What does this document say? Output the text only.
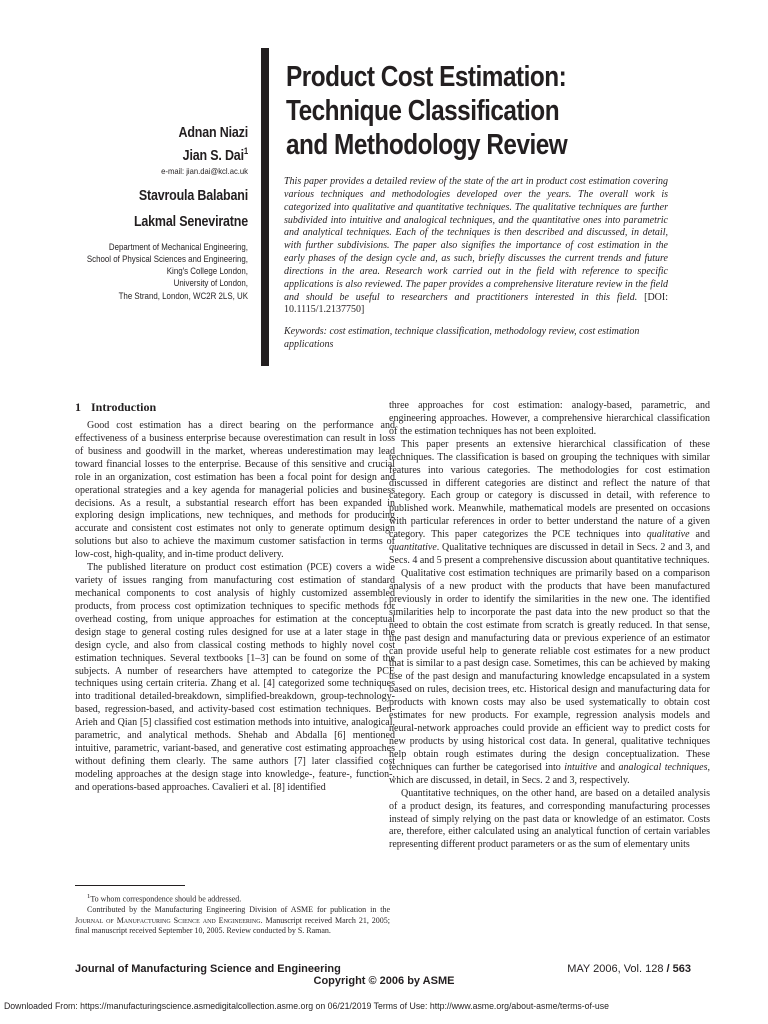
Adnan Niazi
Jian S. Dai$^1$
e-mail: jian.dai@kcl.ac.uk
Stavroula Balabani
Lakmal Seneviratne
Department of Mechanical Engineering,
School of Physical Sciences and Engineering,
King's College London,
University of London,
The Strand, London, WC2R 2LS, UK
Product Cost Estimation:
Technique Classification
and Methodology Review
This paper provides a detailed review of the state of the art in product cost estimation covering various techniques and methodologies developed over the years. The overall work is categorized into qualitative and quantitative techniques. The qualitative techniques are further subdivided into intuitive and analogical techniques, and the quantitative ones into parametric and analytical techniques. Each of the techniques is then described and discussed, in detail, with further subdivisions. The paper also signifies the importance of cost estimation in the early phases of the design cycle and, as such, briefly discusses the current trends and future directions in the area. Research work carried out in the field with reference to specific applications is also reviewed. The paper provides a comprehensive literature review in the field and should be useful to researchers and practitioners interested in this field. [DOI: 10.1115/1.2137750]
Keywords: cost estimation, technique classification, methodology review, cost estimation applications
1 Introduction

Good cost estimation has a direct bearing on the performance and effectiveness of a business enterprise because overestimation can result in loss of business and goodwill in the market, whereas underestimation may lead toward financial losses to the enterprise. Because of this sensitive and crucial role in an organization, cost estimation has been a focal point for design and operational strategies and a key agenda for managerial policies and business decisions. As a result, a substantial research effort has been expanded in exploring design implications, new techniques, and methods for producing accurate and consistent cost estimates not only to generate optimum design solutions but also to achieve the maximum customer satisfaction in terms of low-cost, high-quality, and in-time product delivery.

The published literature on product cost estimation (PCE) covers a wide variety of issues ranging from manufacturing cost estimation of standard mechanical components to cost analysis of highly customized assembled products, from process cost optimization techniques to specific methods for overhead costing, from unique approaches for estimation at the conceptual design stage to general costing rules designed for use at a later stage in the design cycle, and also from classical costing methods to highly novel cost estimation techniques. Several textbooks [1–3] can be found on some of the subjects. A number of researchers have attempted to categorize the PCE techniques using certain criteria. Zhang et al. [4] categorized some techniques into traditional detailed-breakdown, simplified-breakdown, group-technology-based, regression-based, and activity-based cost estimation techniques. Ben-Arieh and Qian [5] classified cost estimation methods into intuitive, analogical, parametric, and analytical methods. Shehab and Abdalla [6] mentioned intuitive, parametric, variant-based, and generative cost estimating approaches without defining them clearly. The same authors [7] later classified cost modeling approaches at the design stage into knowledge-, feature-, function-, and operations-based approaches. Cavalieri et al. [8] identified

three approaches for cost estimation: analogy-based, parametric, and engineering approaches. However, a comprehensive hierarchical classification of the estimation techniques has not been exploited.

This paper presents an extensive hierarchical classification of these techniques. The classification is based on grouping the techniques with similar features into various categories. The methodologies for cost estimation discussed in different categories are distinct and reflect the nature of that category. Each group or category is discussed in detail, with reference to published work. Meanwhile, mathematical models are presented on occasions with particular references in order to better understand the nature of a given category. This paper categorizes the PCE techniques into qualitative and quantitative. Qualitative techniques are discussed in detail in Secs. 2 and 3, and Secs. 4 and 5 present a comprehensive discussion about quantitative techniques.

Qualitative cost estimation techniques are primarily based on a comparison analysis of a new product with the products that have been manufactured previously in order to identify the similarities in the new one. The identified similarities help to incorporate the past data into the new product so that the need to obtain the cost estimate from scratch is greatly reduced. In that sense, the past design and manufacturing data or previous experience of an estimator can provide useful help to generate reliable cost estimates for a new product that is similar to a past design case. Sometimes, this can be achieved by making use of the past design and manufacturing knowledge encapsulated in a system based on rules, decision trees, etc. Historical design and manufacturing data for products with known costs may also be used systematically to obtain cost estimates for new products. For example, regression analysis models and neural-network approaches could provide an efficient way to predict costs for new products by using historical cost data. In general, qualitative techniques help obtain rough estimates during the design conceptualization. These techniques can further be categorised into intuitive and analogical techniques, which are discussed, in detail, in Secs. 2 and 3, respectively.

Quantitative techniques, on the other hand, are based on a detailed analysis of a product design, its features, and corresponding manufacturing processes instead of simply relying on the past data or knowledge of an estimator. Costs are, therefore, either calculated using an analytical function of certain variables representing different product parameters or as the sum of elementary units

$^1$To whom correspondence should be addressed.

Contributed by the Manufacturing Engineering Division of ASME for publication in the Journal of Manufacturing Science and Engineering. Manuscript received March 21, 2005; final manuscript received September 10, 2005. Review conducted by S. Raman.

Journal of Manufacturing Science and Engineering	MAY 2006, Vol. 128 / 563
Copyright © 2006 by ASME
Downloaded From: https://manufacturingscience.asmedigitalcollection.asme.org on 06/21/2019 Terms of Use: http://www.asme.org/about-asme/terms-of-use
